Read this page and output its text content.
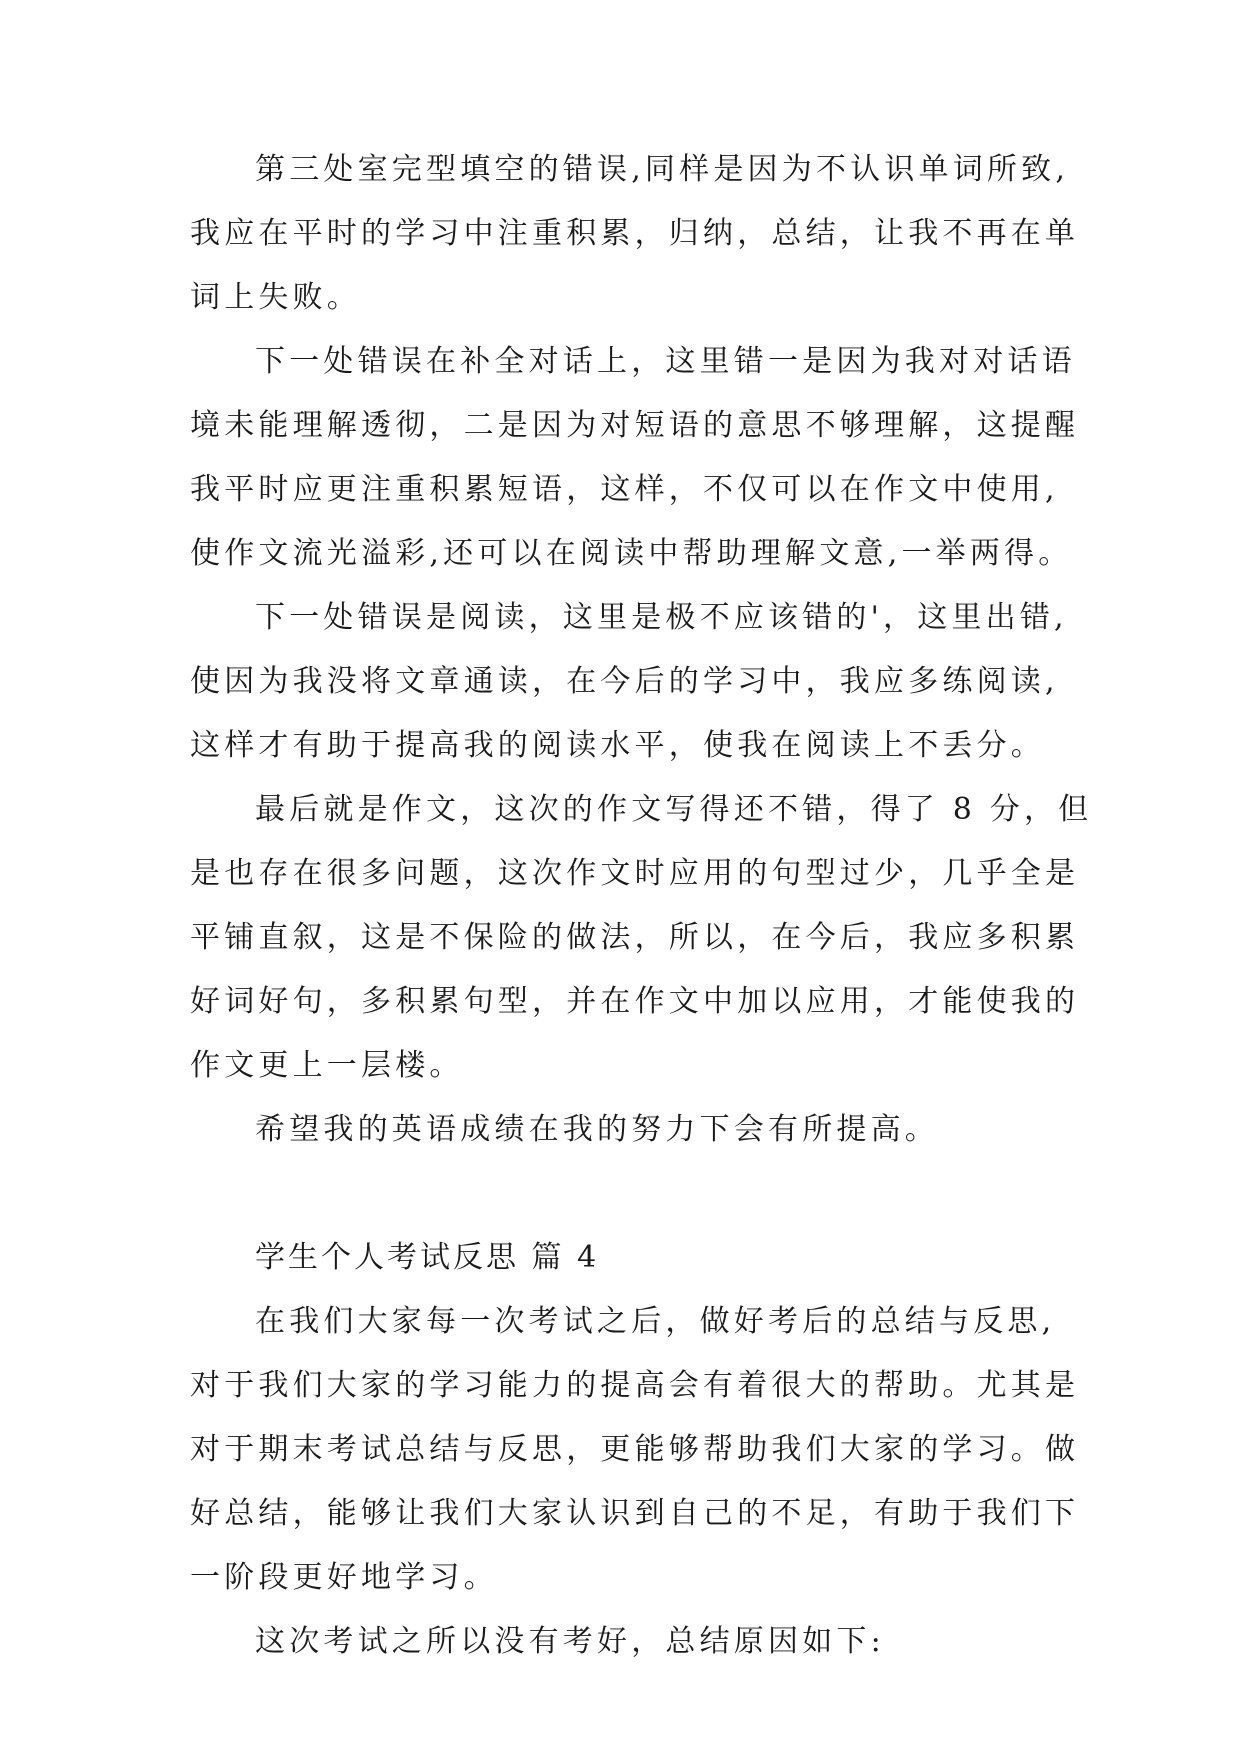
第三处室完型填空的错误,同样是因为不认识单词所致,
我应在平时的学习中注重积累，归纳，总结，让我不再在单
词上失败。
下一处错误在补全对话上，这里错一是因为我对对话语
境未能理解透彻，二是因为对短语的意思不够理解，这提醒
我平时应更注重积累短语，这样，不仅可以在作文中使用,
使作文流光溢彩,还可以在阅读中帮助理解文意,一举两得。
下一处错误是阅读，这里是极不应该错的'，这里出错,
使因为我没将文章通读，在今后的学习中，我应多练阅读,
这样才有助于提高我的阅读水平，使我在阅读上不丢分。
最后就是作文，这次的作文写得还不错，得了 8 分，但
是也存在很多问题，这次作文时应用的句型过少，几乎全是
平铺直叙，这是不保险的做法，所以，在今后，我应多积累
好词好句，多积累句型，并在作文中加以应用，才能使我的
作文更上一层楼。
希望我的英语成绩在我的努力下会有所提高。
学生个人考试反思 篇 4
在我们大家每一次考试之后，做好考后的总结与反思,
对于我们大家的学习能力的提高会有着很大的帮助。尤其是
对于期末考试总结与反思，更能够帮助我们大家的学习。做
好总结，能够让我们大家认识到自己的不足，有助于我们下
一阶段更好地学习。
这次考试之所以没有考好，总结原因如下:
